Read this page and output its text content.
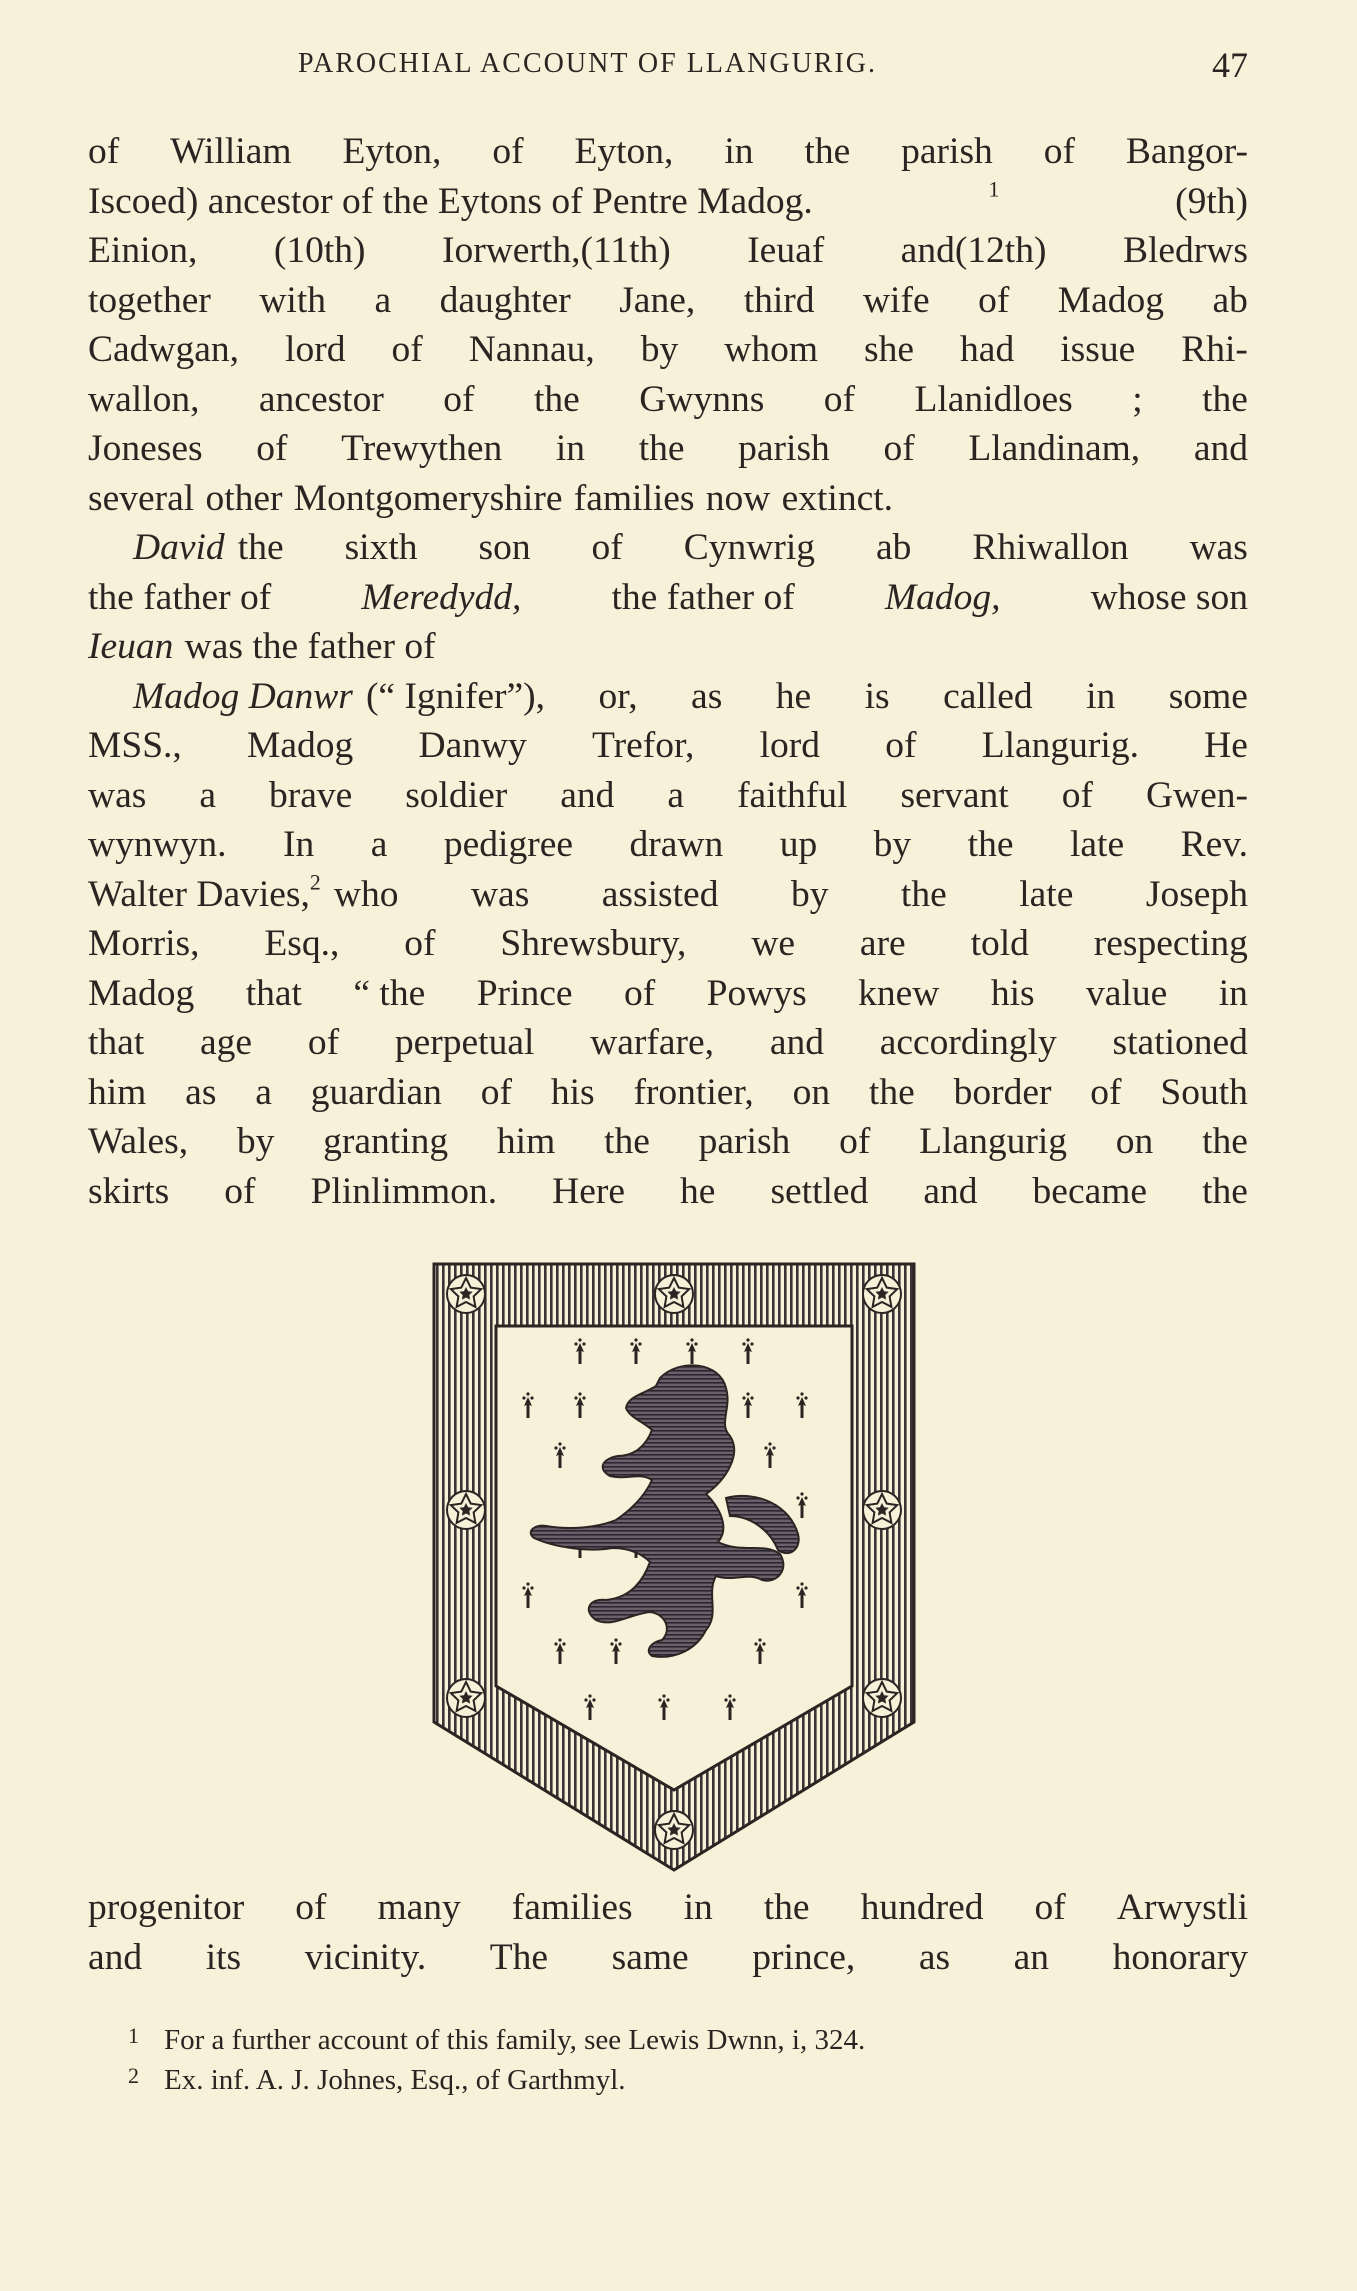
PAROCHIAL ACCOUNT OF LLANGURIG.	47
of William Eyton, of Eyton, in the parish of Bangor-
Iscoed) ancestor of the Eytons of Pentre Madog.	$^1$	(9th)
Einion, (10th) Iorwerth,(11th) Ieuaf and(12th) Bledrws
together with a daughter Jane, third wife of Madog ab
Cadwgan, lord of Nannau, by whom she had issue Rhi-
wallon, ancestor of the Gwynns of Llanidloes ; the
Joneses of Trewythen in the parish of Llandinam, and
several other Montgomeryshire families now extinct.
David the sixth son of Cynwrig ab Rhiwallon was
the father of Meredydd, the father of Madog, whose son
Ieuan was the father of
Madog Danwr (“ Ignifer”), or, as he is called in some
MSS., Madog Danwy Trefor, lord of Llangurig. He
was a brave soldier and a faithful servant of Gwen-
wynwyn. In a pedigree drawn up by the late Rev.
Walter Davies,$^2$ who was assisted by the late Joseph
Morris, Esq., of Shrewsbury, we are told respecting
Madog that “ the Prince of Powys knew his value in
that age of perpetual warfare, and accordingly stationed
him as a guardian of his frontier, on the border of South
Wales, by granting him the parish of Llangurig on the
skirts of Plinlimmon. Here he settled and became the
progenitor of many families in the hundred of Arwystli
and its vicinity. The same prince, as an honorary
1 For a further account of this family, see Lewis Dwnn, i, 324.
2 Ex. inf. A. J. Johnes, Esq., of Garthmyl.
